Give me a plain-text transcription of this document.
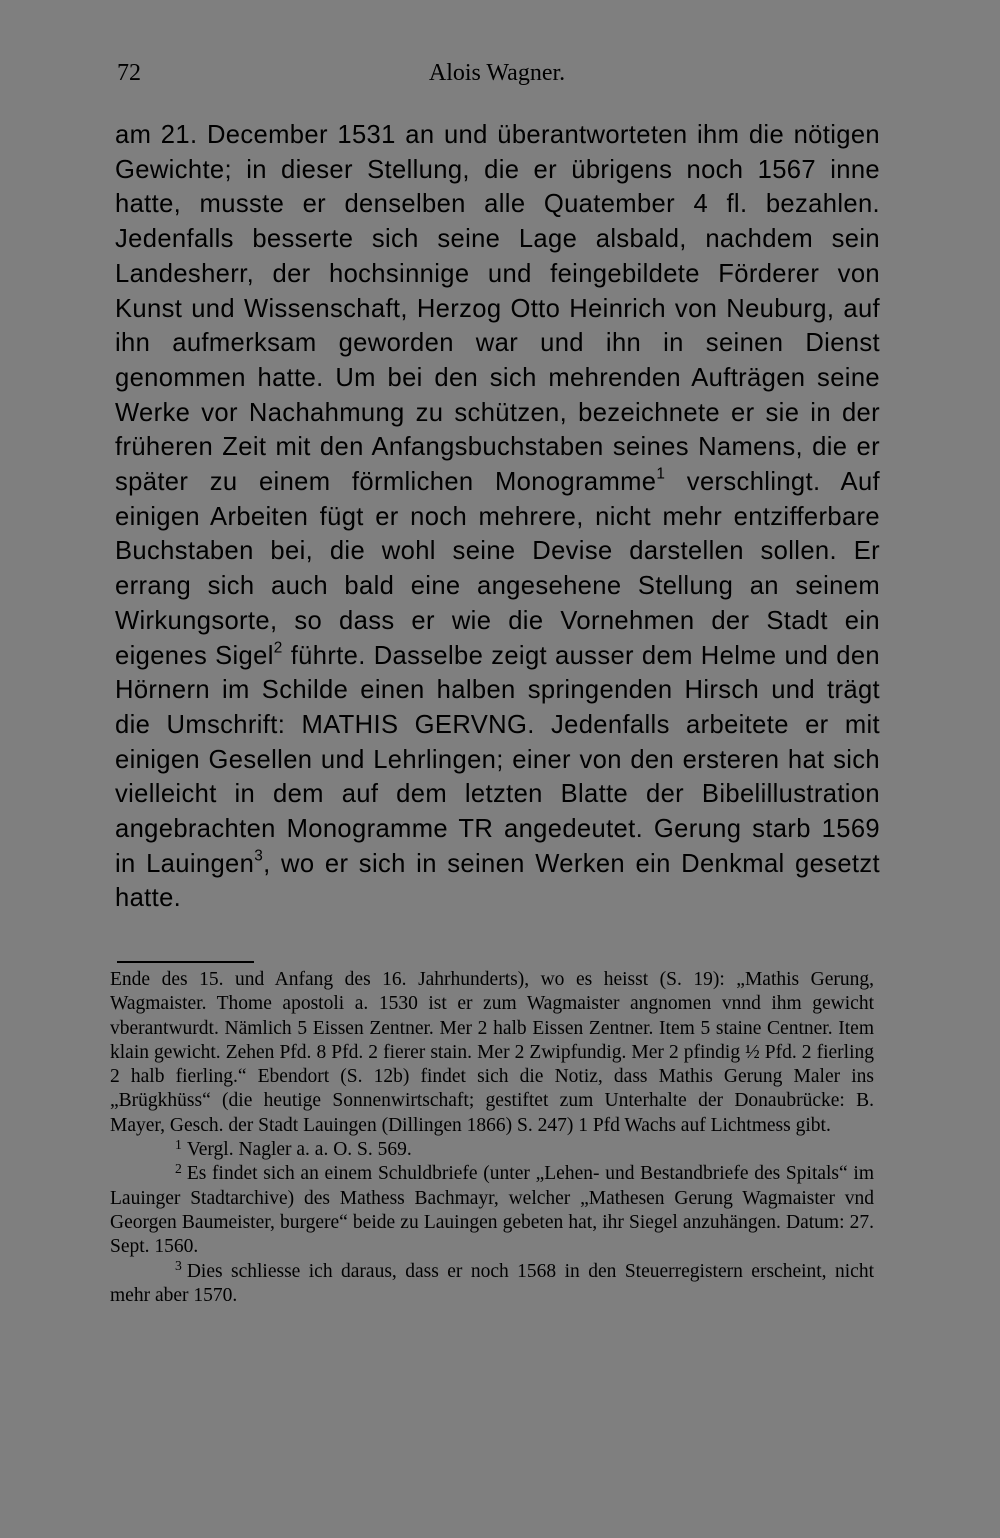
72	Alois Wagner.

am 21. December 1531 an und überantworteten ihm die nötigen Gewichte; in dieser Stellung, die er übrigens noch 1567 inne hatte, musste er denselben alle Quatember 4 fl. bezahlen. Jedenfalls besserte sich seine Lage alsbald, nachdem sein Landesherr, der hochsinnige und feingebildete Förderer von Kunst und Wissenschaft, Herzog Otto Heinrich von Neuburg, auf ihn aufmerksam geworden war und ihn in seinen Dienst genommen hatte. Um bei den sich mehrenden Aufträgen seine Werke vor Nachahmung zu schützen, bezeichnete er sie in der früheren Zeit mit den Anfangsbuchstaben seines Namens, die er später zu einem förmlichen Monogramme$^1$ verschlingt. Auf einigen Arbeiten fügt er noch mehrere, nicht mehr entzifferbare Buchstaben bei, die wohl seine Devise darstellen sollen. Er errang sich auch bald eine angesehene Stellung an seinem Wirkungsorte, so dass er wie die Vornehmen der Stadt ein eigenes Sigel$^2$ führte. Dasselbe zeigt ausser dem Helme und den Hörnern im Schilde einen halben springenden Hirsch und trägt die Umschrift: MATHIS GERVNG. Jedenfalls arbeitete er mit einigen Gesellen und Lehrlingen; einer von den ersteren hat sich vielleicht in dem auf dem letzten Blatte der Bibelillustration angebrachten Monogramme TR angedeutet. Gerung starb 1569 in Lauingen$^3$, wo er sich in seinen Werken ein Denkmal gesetzt hatte.

Ende des 15. und Anfang des 16. Jahrhunderts), wo es heisst (S. 19): „Mathis Gerung, Wagmaister. Thome apostoli a. 1530 ist er zum Wagmaister angnomen vnnd ihm gewicht vberantwurdt. Nämlich 5 Eissen Zentner. Mer 2 halb Eissen Zentner. Item 5 staine Centner. Item klain gewicht. Zehen Pfd. 8 Pfd. 2 fierer stain. Mer 2 Zwipfundig. Mer 2 pfindig ½ Pfd. 2 fierling 2 halb fierling.“ Ebendort (S. 12b) findet sich die Notiz, dass Mathis Gerung Maler ins „Brügkhüss“ (die heutige Sonnenwirtschaft; gestiftet zum Unterhalte der Donaubrücke: B. Mayer, Gesch. der Stadt Lauingen (Dillingen 1866) S. 247) 1 Pfd Wachs auf Lichtmess gibt.

$^1$ Vergl. Nagler a. a. O. S. 569.

$^2$ Es findet sich an einem Schuldbriefe (unter „Lehen- und Bestandbriefe des Spitals“ im Lauinger Stadtarchive) des Mathess Bachmayr, welcher „Mathesen Gerung Wagmaister vnd Georgen Baumeister, burgere“ beide zu Lauingen gebeten hat, ihr Siegel anzuhängen. Datum: 27. Sept. 1560.

$^3$ Dies schliesse ich daraus, dass er noch 1568 in den Steuerregistern erscheint, nicht mehr aber 1570.
